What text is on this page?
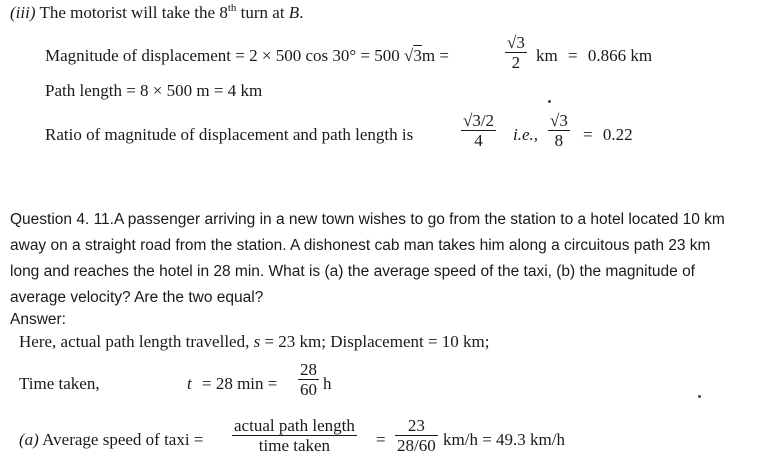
(iii) The motorist will take the 8th turn at B.
Magnitude of displacement = 2 × 500 cos 30° = 500 √3m =	$\frac{√3}{2}$ km = 0.866 km
Path length = 8 × 500 m = 4 km
Ratio of magnitude of displacement and path length is	$\frac{√3/2}{4} i.e$., $\frac{√3}{8} = 0.22$
Question 4. 11.A passenger arriving in a new town wishes to go from the station to a hotel located 10 km
away on a straight road from the station. A dishonest cab man takes him along a circuitous path 23 km
long and reaches the hotel in 28 min. What is (a) the average speed of the taxi, (b) the magnitude of
average velocity? Are the two equal?
Answer:
Here, actual path length travelled, s = 23 km; Displacement = 10 km;
Time taken,	t = 28 $\min = \frac{28}{60}$ h
(a) Average speed of taxi =
actual path length
time taken	= $\frac{23}{28/60} km/h = 49.3$ km/h
